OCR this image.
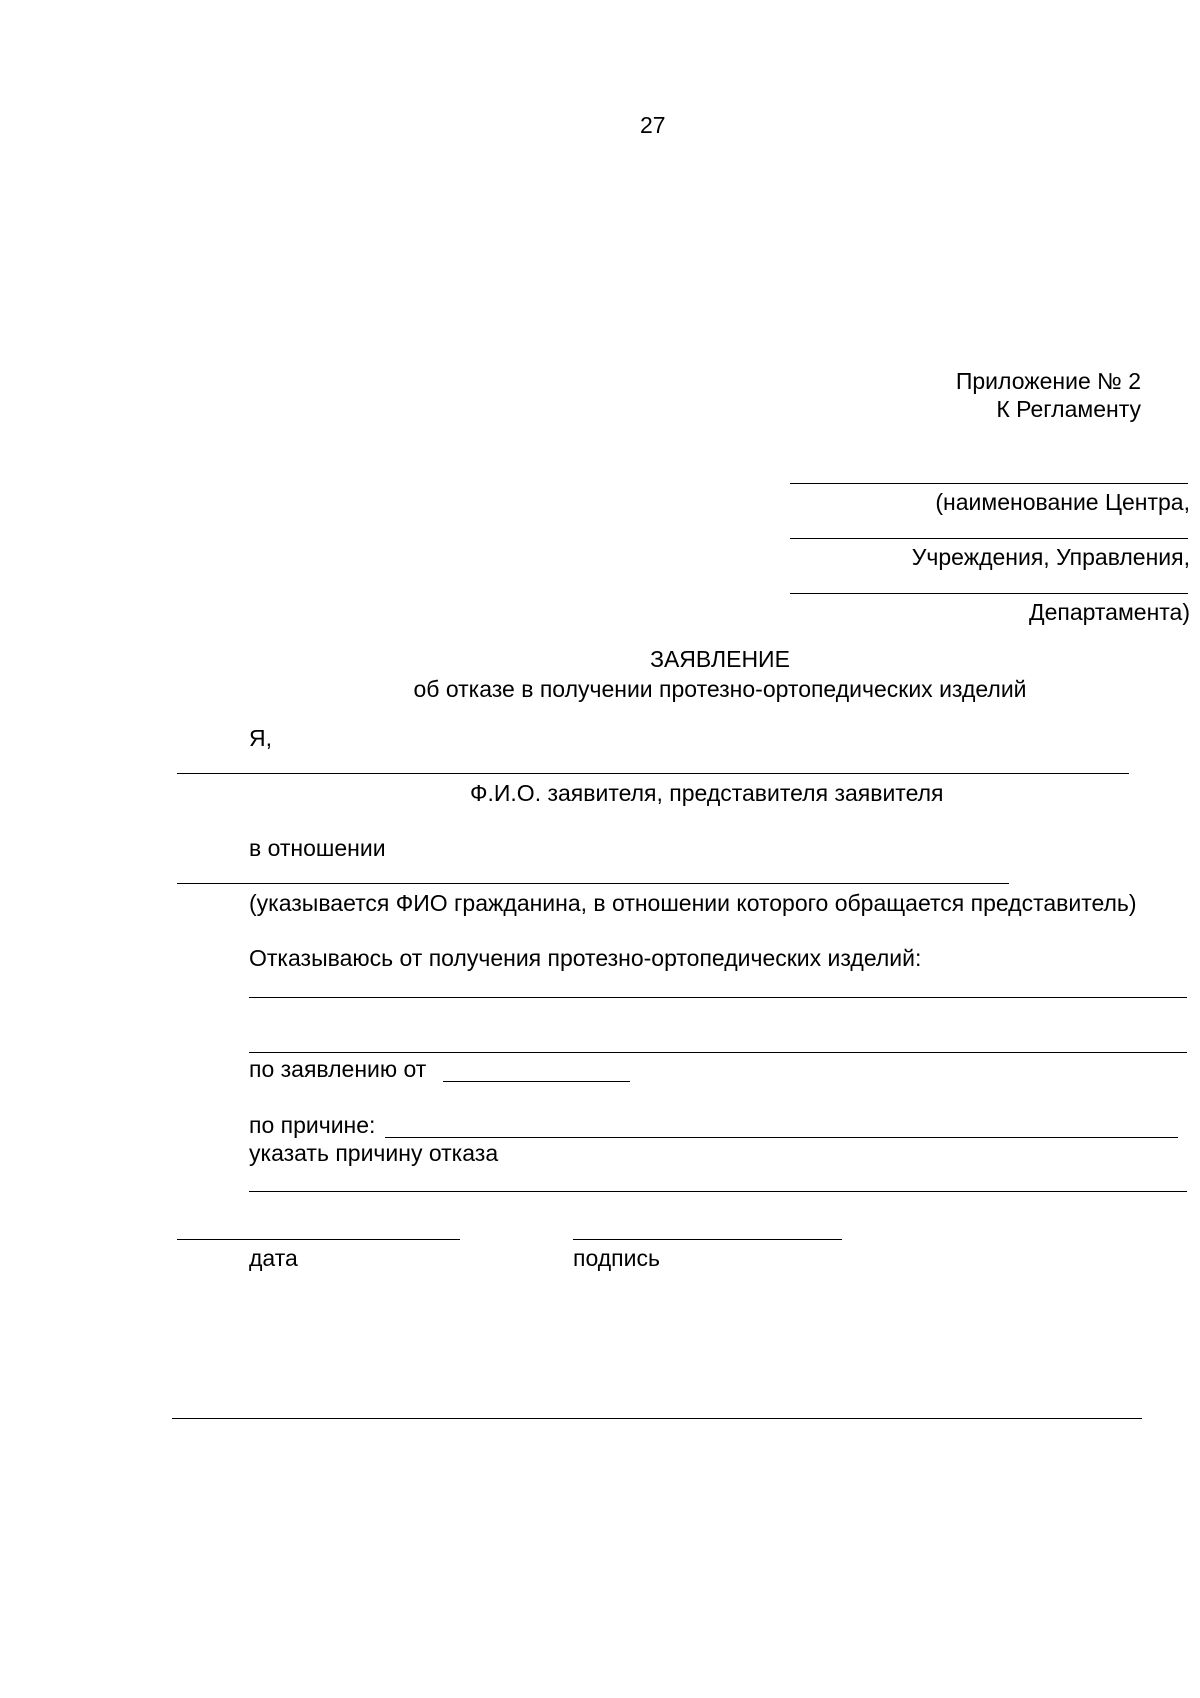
27
Приложение № 2
К Регламенту
(наименование Центра,
Учреждения, Управления,
Департамента)
ЗАЯВЛЕНИЕ
об отказе в получении протезно-ортопедических изделий
Я,
Ф.И.О. заявителя, представителя заявителя
в отношении
(указывается ФИО гражданина, в отношении которого обращается представитель)
Отказываюсь от получения протезно-ортопедических изделий:
по заявлению от
по причине:
указать причину отказа
дата	подпись
